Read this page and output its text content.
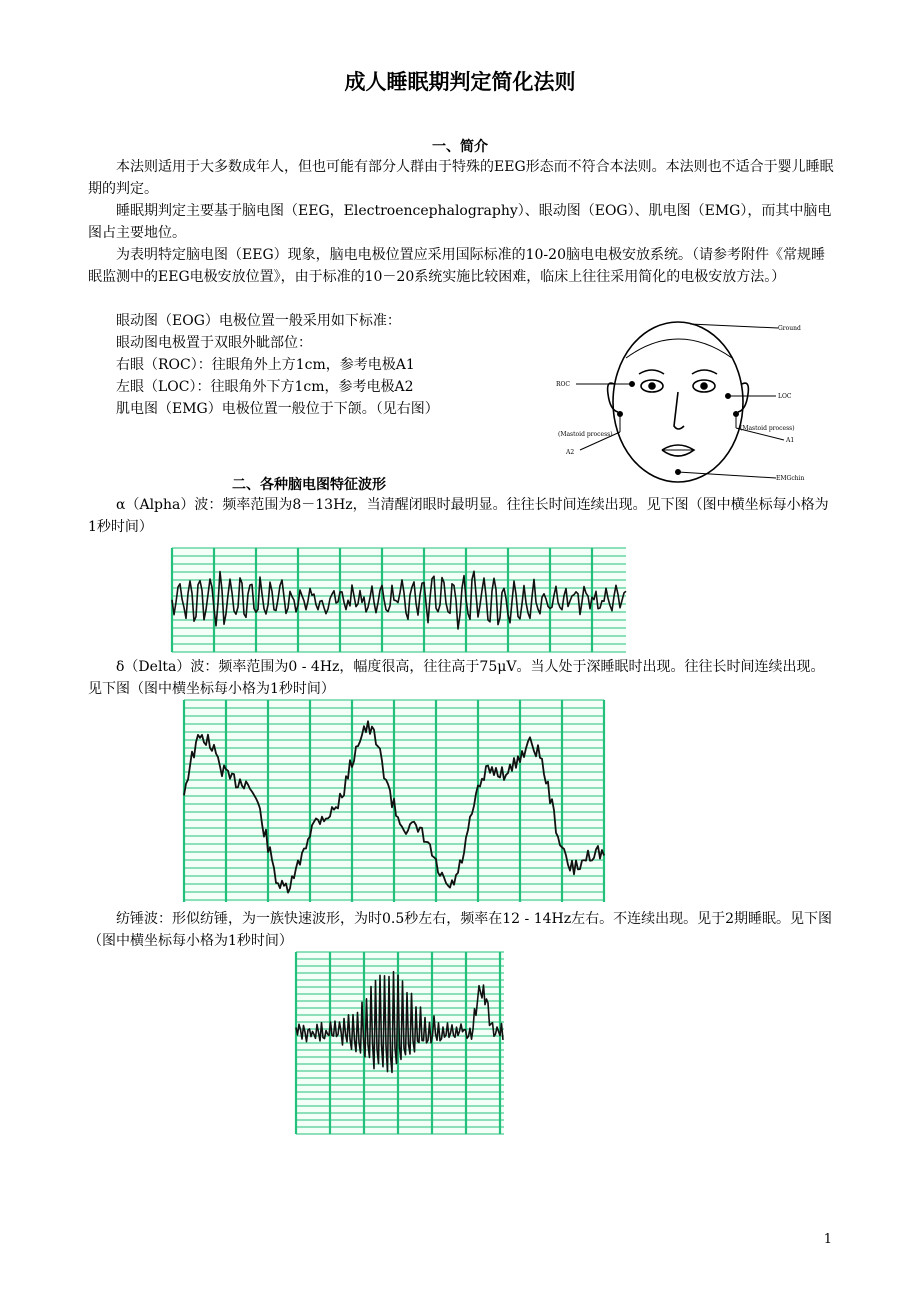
成人睡眠期判定简化法则
一、简介

本法则适用于大多数成年人，但也可能有部分人群由于特殊的EEG形态而不符合本法则。本法则也不适合于婴儿睡眠期的判定。

睡眠期判定主要基于脑电图（EEG，Electroencephalography）、眼动图（EOG）、肌电图（EMG），而其中脑电图占主要地位。

为表明特定脑电图（EEG）现象，脑电电极位置应采用国际标准的10-20脑电电极安放系统。（请参考附件《常规睡眠监测中的EEG电极安放位置》，由于标准的10－20系统实施比较困难，临床上往往采用简化的电极安放方法。）

眼动图（EOG）电极位置一般采用如下标准：
眼动图电极置于双眼外眦部位：
右眼（ROC）：往眼角外上方1cm，参考电极A1
左眼（LOC）：往眼角外下方1cm，参考电极A2
肌电图（EMG）电极位置一般位于下颌。（见右图）
Ground
ROC
LOC
(Mastoid process)
(Mastoid process)
A1
A2
EMGchin
二、各种脑电图特征波形

α（Alpha）波：频率范围为8－13Hz，当清醒闭眼时最明显。往往长时间连续出现。见下图（图中横坐标每小格为1秒时间）

δ（Delta）波：频率范围为0 - 4Hz，幅度很高，往往高于75μV。当人处于深睡眠时出现。往往长时间连续出现。见下图（图中横坐标每小格为1秒时间）

纺锤波：形似纺锤，为一族快速波形，为时0.5秒左右，频率在12 - 14Hz左右。不连续出现。见于2期睡眠。见下图（图中横坐标每小格为1秒时间）

1
